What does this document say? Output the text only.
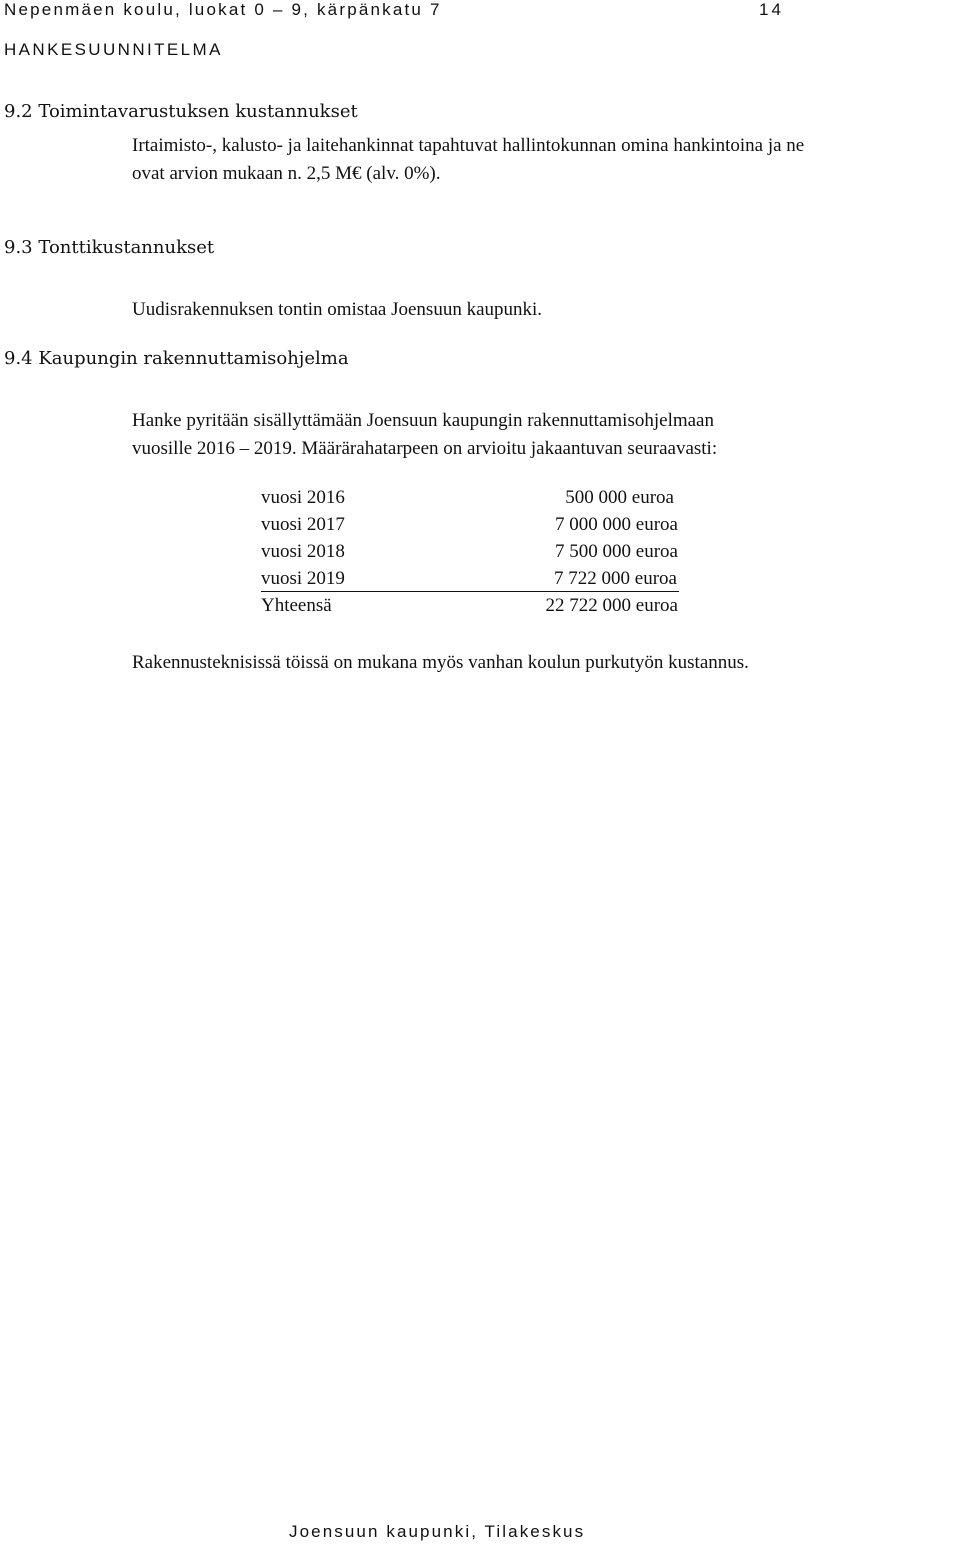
Nepenmäen koulu, luokat 0 – 9, kärpänkatu 7	14
HANKESUUNNITELMA
9.2 Toimintavarustuksen kustannukset
Irtaimisto-, kalusto- ja laitehankinnat tapahtuvat hallintokunnan omina hankintoina ja ne
ovat arvion mukaan n. 2,5 M€ (alv. 0%).
9.3 Tonttikustannukset
Uudisrakennuksen tontin omistaa Joensuun kaupunki.
9.4 Kaupungin rakennuttamisohjelma
Hanke pyritään sisällyttämään Joensuun kaupungin rakennuttamisohjelmaan
vuosille 2016 – 2019. Määrärahatarpeen on arvioitu jakaantuvan seuraavasti:
vuosi 2016	500 000 euroa
vuosi 2017	7 000 000 euroa
vuosi 2018	7 500 000 euroa
vuosi 2019	7 722 000 euroa
Yhteensä	22 722 000 euroa
Rakennusteknisissä töissä on mukana myös vanhan koulun purkutyön kustannus.
Joensuun kaupunki, Tilakeskus
